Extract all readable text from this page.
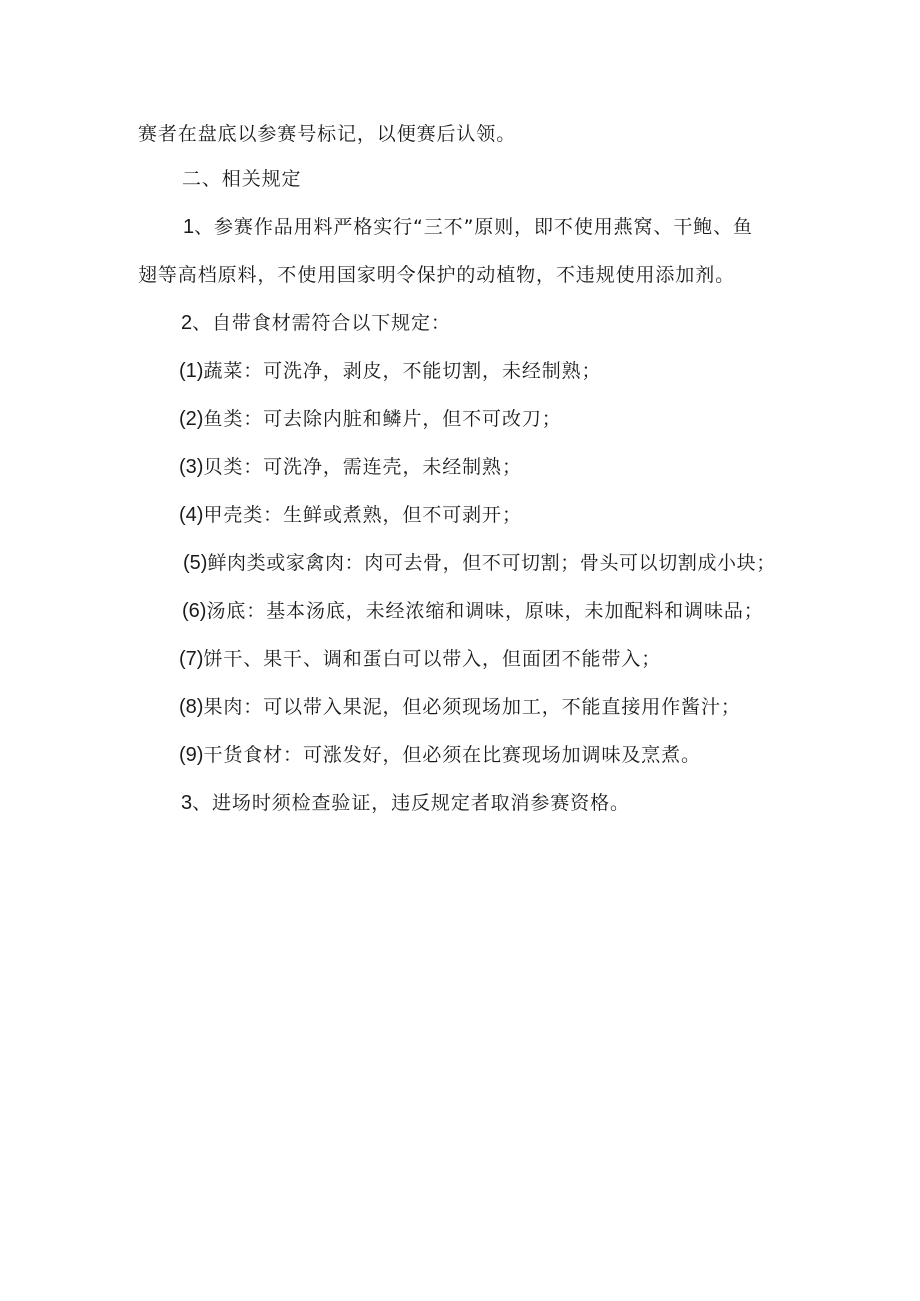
赛者在盘底以参赛号标记，以便赛后认领。
二、相关规定
1、参赛作品用料严格实行“三不”原则，即不使用燕窝、干鲍、鱼
翅等高档原料，不使用国家明令保护的动植物，不违规使用添加剂。
2、自带食材需符合以下规定：
(1)蔬菜：可洗净，剥皮，不能切割，未经制熟；
(2)鱼类：可去除内脏和鳞片，但不可改刀；
(3)贝类：可洗净，需连壳，未经制熟；
(4)甲壳类：生鲜或煮熟，但不可剥开；
(5)鲜肉类或家禽肉：肉可去骨，但不可切割；骨头可以切割成小块；
(6)汤底：基本汤底，未经浓缩和调味，原味，未加配料和调味品；
(7)饼干、果干、调和蛋白可以带入，但面团不能带入；
(8)果肉：可以带入果泥，但必须现场加工，不能直接用作酱汁；
(9)干货食材：可涨发好，但必须在比赛现场加调味及烹煮。
3、进场时须检查验证，违反规定者取消参赛资格。
